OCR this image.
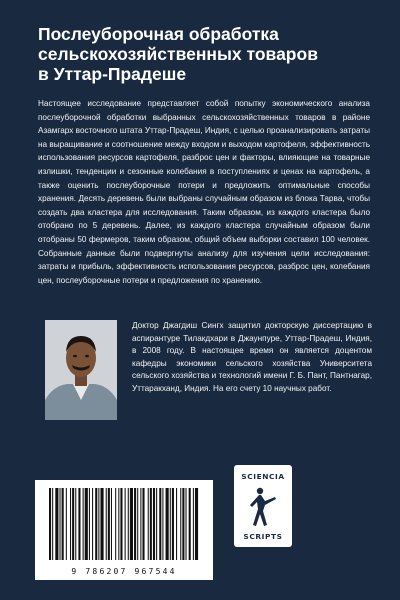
Послеуборочная обработка
сельскохозяйственных товаров
в Уттар-Прадеше

Настоящее исследование представляет собой попытку экономического анализа послеуборочной обработки выбранных сельскохозяйственных товаров в районе Азамгарх восточного штата Уттар-Прадеш, Индия, с целью проанализировать затраты на выращивание и соотношение между входом и выходом картофеля, эффективность использования ресурсов картофеля, разброс цен и факторы, влияющие на товарные излишки, тенденции и сезонные колебания в поступлениях и ценах на картофель, а также оценить послеуборочные потери и предложить оптимальные способы хранения. Десять деревень были выбраны случайным образом из блока Тарва, чтобы создать два кластера для исследования. Таким образом, из каждого кластера было отобрано по 5 деревень. Далее, из каждого кластера случайным образом были отобраны 50 фермеров, таким образом, общий объем выборки составил 100 человек. Собранные данные были подвергнуты анализу для изучения цели исследования: затраты и прибыль, эффективность использования ресурсов, разброс цен, колебания цен, послеуборочные потери и предложения по хранению.

Доктор Джагдиш Сингх защитил докторскую диссертацию в аспирантуре Тилакдхари в Джаунпуре, Уттар-Прадеш, Индия, в 2008 году. В настоящее время он является доцентом кафедры экономики сельского хозяйства Университета сельского хозяйства и технологий имени Г. Б. Пант, Пантнагар, Уттаракханд, Индия. На его счету 10 научных работ.

9 786207 967544
SCIENCIA
SCRIPTS
